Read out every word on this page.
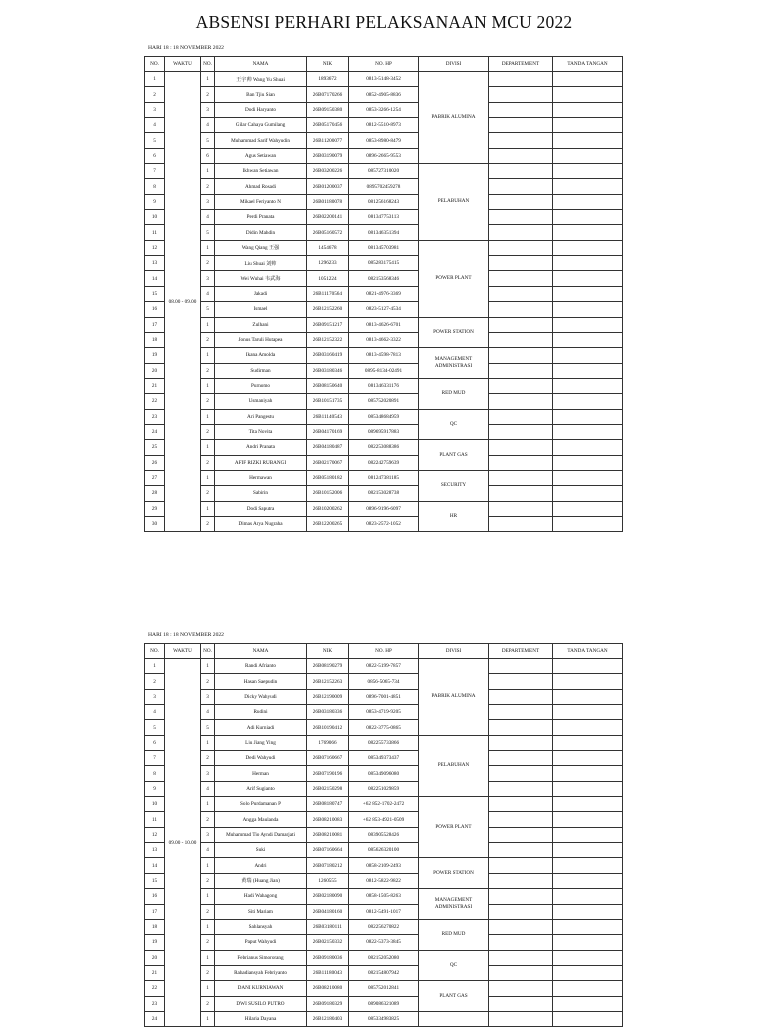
ABSENSI PERHARI PELAKSANAAN MCU 2022
HARI 18 : 18 NOVEMBER 2022
NO.	WAKTU	NO.	NAMA	NIK	NO. HP	DIVISI	DEPARTEMENT	TANDA TANGAN
1	08.00 - 09.00	1	王宇帅 Wang Yu Shuai	1893672	0813-5148-3452	PABRIK ALUMINA		
2		2	Ban Tjiu Sian	26B07170266	0852-4905-8836			
3		3	Dodi Haryanto	26B09150380	0853-3266-1254			
4		4	Gilar Cahaya Gumilang	26B05170456	0812-5510-8973			
5		5	Muhammad Sarif Wahyudin	26B11200077	0853-8980-8479			
6		6	Agus Setiawan	26B03190079	0896-2665-9553			
7		1	Ikhwan Setiawan	26B03200226	085727310020	PELABUHAN		
8		2	Ahmad Rosadi	26B01200037	0895702459278			
9		3	Mikael Feriyanto N	26B01180078	081256168243			
10		4	Perdi Pranata	26B02200141	081347753113			
11		5	Didin Mahdin	26B05160572	081346351394			
12		1	Wang Qiang 王强	1454678	081345703981	POWER PLANT		
13		2	Liu Shuai 刘帅	1296233	085283175415			
14		3	Wei Wuhai 韦武海	1051224	082153568346			
15		4	Jakadi	26B11170564	0821-4976-3369			
16		5	Ismael	26B12152260	0823-5127-4534			
17		1	Zulhani	26B09151217	0813-4626-6701	POWER STATION		
18		2	Jonus Taruli Hutapea	26B12152322	0813-4662-3322			
19		1	Ikana Amolda	26B03160419	0813-4598-7813	MANAGEMENT ADMINISTRASI		
20		2	Sudirman	26B03180346	0895-8134-02491			
21		1	Purnomo	26B08150640	081346331176	RED MUD		
22		2	Usmaniyah	26B10151735	085752020891			
23		1	Ari Pangestu	26B11140543	085348684959	QC		
24		2	Tita Novita	26B04170169	089695917883			
25		1	Andri Pranata	26B04180487	082253088386	PLANT GAS		
26		2	AFIF RIZKI RUBANGI	26B02170067	082242759639			
27		1	Hermawan	26B05180182	081247381185	SECURITY		
28		2	Sabirin	26B10152006	082153028738			
29		1	Dodi Saputra	26B10200262	0896-9196-6097	HR		
30		2	Dimas Arya Nugraha	26B12200265	0823-2572-1052			
HARI 18 : 18 NOVEMBER 2022
NO.	WAKTU	NO.	NAMA	NIK	NO. HP	DIVISI	DEPARTEMENT	TANDA TANGAN
1	09.00 - 10.00	1	Randi Afrianto	26B08190279	0822-5199-7857	PABRIK ALUMINA		
2		2	Hasan Saepudin	26B12152263	0856-5065-734			
3		3	Dicky Wahyudi	26B12190009	0896-7001-4851			
4		4	Rudini	26B03180336	0853-4719-9205			
5		5	Adi Kurniadi	26B10190412	0822-3775-0865			
6		1	Liu Jiang Ying	1769066	082255733866	PELABUHAN		
7		2	Dedi Wahyudi	26B07160667	085349373437			
8		3	Herman	26B07190196	085349096080			
9		4	Arif Sugianto	26B02150298	082251029859			
10		1	Solo Purdamanan P	26B08180747	+62 852-1702-2472	POWER PLANT		
11		2	Angga Maulanda	26B08210083	+62 853-4921-0509			
12		3	Muhammad Tio Ayndi Damarjati	26B08210081	083905528426			
13		4	Suki	26B07160664	085626320100			
14		1	Andri	26B07180212	0858-2109-2493	POWER STATION		
15		2	黄瑞 (Huang Jian)	1260555	0812-5822-9822			
16		1	Hadi Wahagong	26B02180090	0858-1505-8263	MANAGEMENT ADMINISTRASI		
17		2	Siti Mariam	26B04180160	0812-5491-1017			
18		1	Sahlansyah	26B03180111	082256270822	RED MUD		
19		2	Paput Wahyudi	26B02150332	0822-5373-3845			
20		1	Febrianus Simororang	26B09180036	082152052080	QC		
21		2	Rahadiansyah Febriyanto	26B11180043	082154807942			
22		1	DANI KURNIAWAN	26B08210080	085752012841	PLANT GAS		
23		2	DWI SUSILO PUTRO	26B09180329	089086321089			
24		1	Hilaria Dayana	26B12180403	085334983825			
